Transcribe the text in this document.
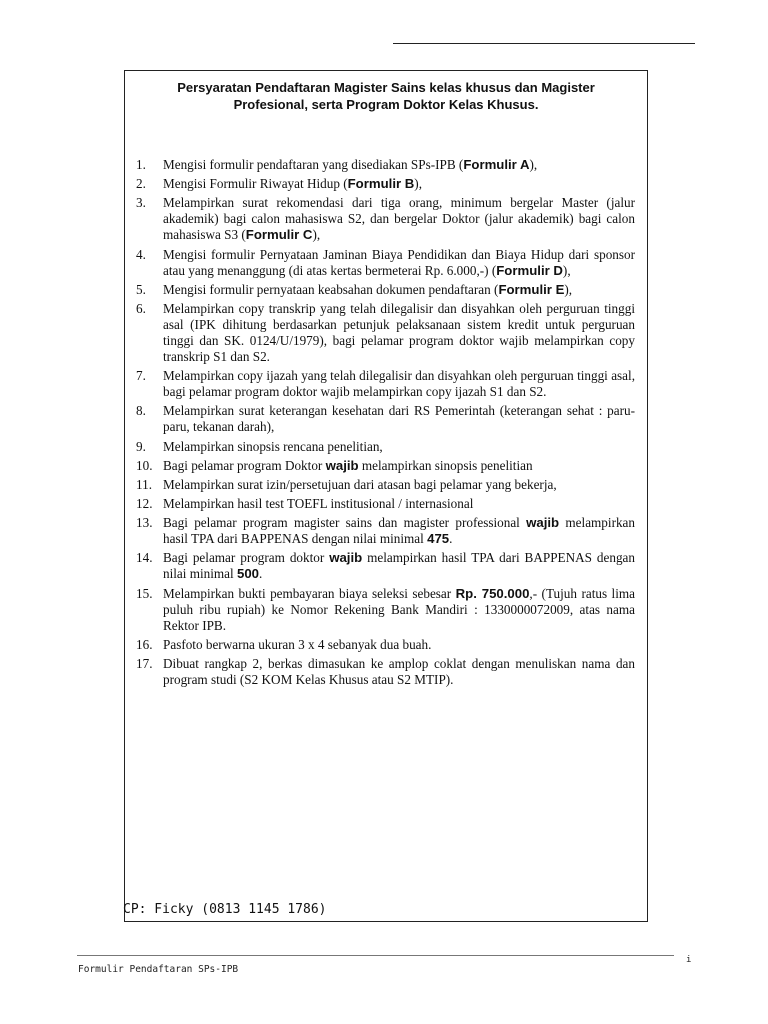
Persyaratan Pendaftaran Magister Sains kelas khusus dan Magister Profesional, serta Program Doktor Kelas Khusus.
1. Mengisi formulir pendaftaran yang disediakan SPs-IPB (Formulir A),
2. Mengisi Formulir Riwayat Hidup (Formulir B),
3. Melampirkan surat rekomendasi dari tiga orang, minimum bergelar Master (jalur akademik) bagi calon mahasiswa S2, dan bergelar Doktor (jalur akademik) bagi calon mahasiswa S3 (Formulir C),
4. Mengisi formulir Pernyataan Jaminan Biaya Pendidikan dan Biaya Hidup dari sponsor atau yang menanggung (di atas kertas bermeterai Rp. 6.000,-) (Formulir D),
5. Mengisi formulir pernyataan keabsahan dokumen pendaftaran (Formulir E),
6. Melampirkan copy transkrip yang telah dilegalisir dan disyahkan oleh perguruan tinggi asal (IPK dihitung berdasarkan petunjuk pelaksanaan sistem kredit untuk perguruan tinggi dan SK. 0124/U/1979), bagi pelamar program doktor wajib melampirkan copy transkrip S1 dan S2.
7. Melampirkan copy ijazah yang telah dilegalisir dan disyahkan oleh perguruan tinggi asal, bagi pelamar program doktor wajib melampirkan copy ijazah S1 dan S2.
8. Melampirkan surat keterangan kesehatan dari RS Pemerintah (keterangan sehat : paru-paru, tekanan darah),
9. Melampirkan sinopsis rencana penelitian,
10. Bagi pelamar program Doktor wajib melampirkan sinopsis penelitian
11. Melampirkan surat izin/persetujuan dari atasan bagi pelamar yang bekerja,
12. Melampirkan hasil test TOEFL institusional / internasional
13. Bagi pelamar program magister sains dan magister professional wajib melampirkan hasil TPA dari BAPPENAS dengan nilai minimal 475.
14. Bagi pelamar program doktor wajib melampirkan hasil TPA dari BAPPENAS dengan nilai minimal 500.
15. Melampirkan bukti pembayaran biaya seleksi sebesar Rp. 750.000,- (Tujuh ratus lima puluh ribu rupiah) ke Nomor Rekening Bank Mandiri : 1330000072009, atas nama Rektor IPB.
16. Pasfoto berwarna ukuran 3 x 4 sebanyak dua buah.
17. Dibuat rangkap 2, berkas dimasukan ke amplop coklat dengan menuliskan nama dan program studi (S2 KOM Kelas Khusus atau S2 MTIP).
CP: Ficky (0813 1145 1786)
Formulir Pendaftaran SPs-IPB
i
